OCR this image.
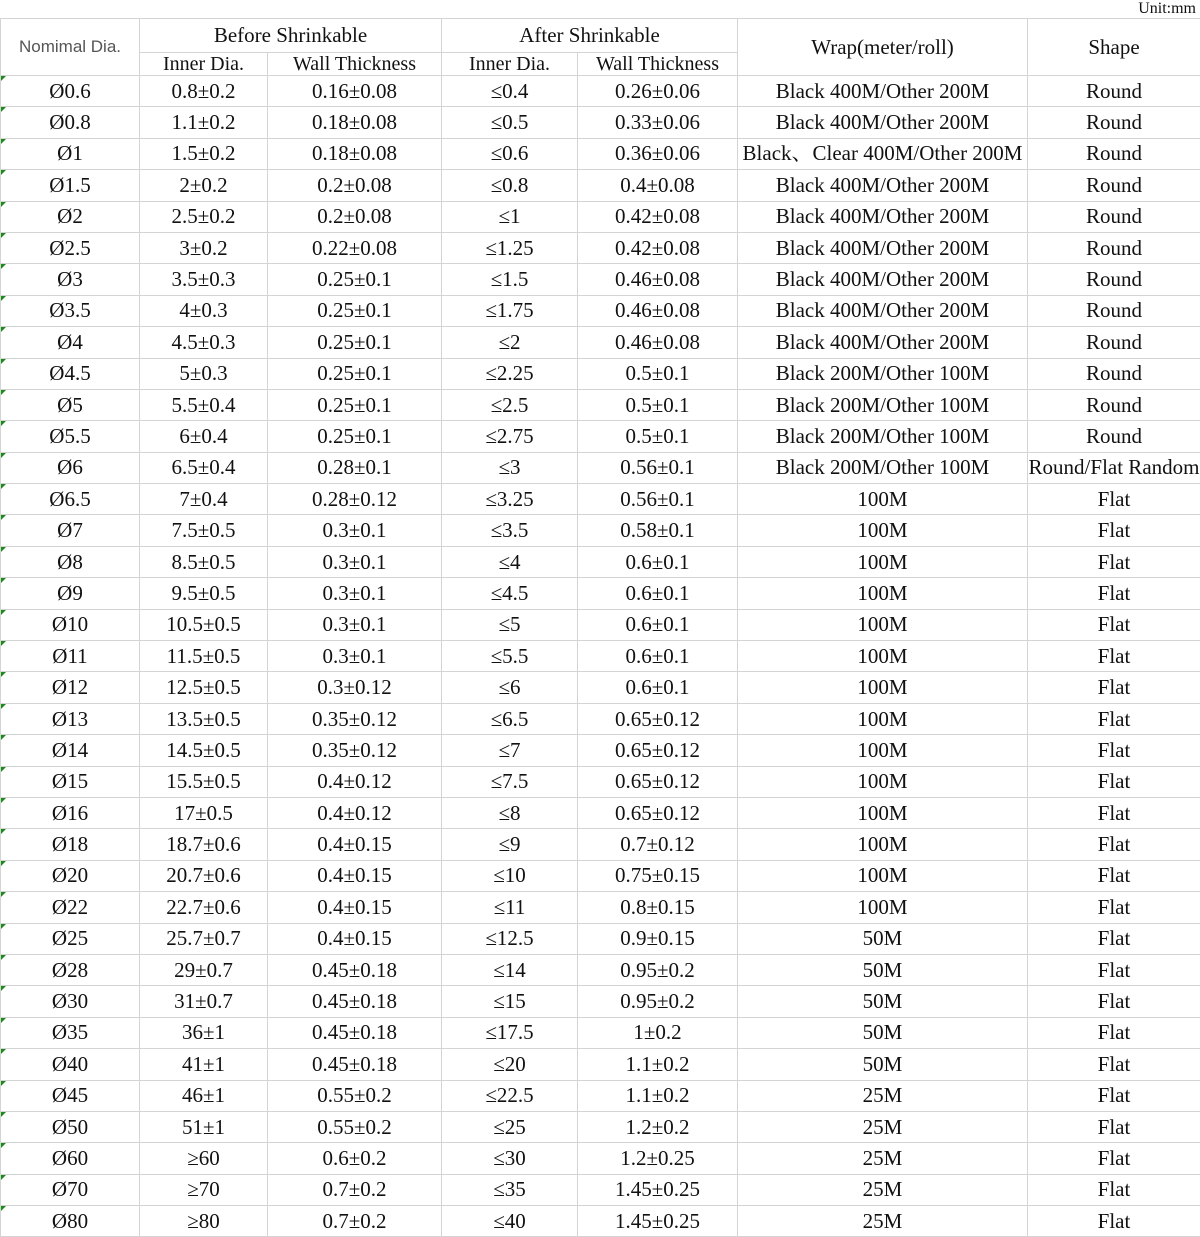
Unit:mm
Nomimal Dia.	Before Shrinkable		After Shrinkable		Wrap(meter/roll)	Shape
	Inner Dia.	Wall Thickness	Inner Dia.	Wall Thickness		

Ø0.6	0.8±0.2	0.16±0.08	≤0.4	0.26±0.06	Black 400M/Other 200M	Round

Ø0.8	1.1±0.2	0.18±0.08	≤0.5	0.33±0.06	Black 400M/Other 200M	Round

Ø1	1.5±0.2	0.18±0.08	≤0.6	0.36±0.06	Black、Clear 400M/Other 200M	Round

Ø1.5	2±0.2	0.2±0.08	≤0.8	0.4±0.08	Black 400M/Other 200M	Round

Ø2	2.5±0.2	0.2±0.08	≤1	0.42±0.08	Black 400M/Other 200M	Round

Ø2.5	3±0.2	0.22±0.08	≤1.25	0.42±0.08	Black 400M/Other 200M	Round

Ø3	3.5±0.3	0.25±0.1	≤1.5	0.46±0.08	Black 400M/Other 200M	Round

Ø3.5	4±0.3	0.25±0.1	≤1.75	0.46±0.08	Black 400M/Other 200M	Round

Ø4	4.5±0.3	0.25±0.1	≤2	0.46±0.08	Black 400M/Other 200M	Round

Ø4.5	5±0.3	0.25±0.1	≤2.25	0.5±0.1	Black 200M/Other 100M	Round

Ø5	5.5±0.4	0.25±0.1	≤2.5	0.5±0.1	Black 200M/Other 100M	Round

Ø5.5	6±0.4	0.25±0.1	≤2.75	0.5±0.1	Black 200M/Other 100M	Round

Ø6	6.5±0.4	0.28±0.1	≤3	0.56±0.1	Black 200M/Other 100M	Round/Flat Random

Ø6.5	7±0.4	0.28±0.12	≤3.25	0.56±0.1	100M	Flat

Ø7	7.5±0.5	0.3±0.1	≤3.5	0.58±0.1	100M	Flat

Ø8	8.5±0.5	0.3±0.1	≤4	0.6±0.1	100M	Flat

Ø9	9.5±0.5	0.3±0.1	≤4.5	0.6±0.1	100M	Flat

Ø10	10.5±0.5	0.3±0.1	≤5	0.6±0.1	100M	Flat

Ø11	11.5±0.5	0.3±0.1	≤5.5	0.6±0.1	100M	Flat

Ø12	12.5±0.5	0.3±0.12	≤6	0.6±0.1	100M	Flat

Ø13	13.5±0.5	0.35±0.12	≤6.5	0.65±0.12	100M	Flat

Ø14	14.5±0.5	0.35±0.12	≤7	0.65±0.12	100M	Flat

Ø15	15.5±0.5	0.4±0.12	≤7.5	0.65±0.12	100M	Flat

Ø16	17±0.5	0.4±0.12	≤8	0.65±0.12	100M	Flat

Ø18	18.7±0.6	0.4±0.15	≤9	0.7±0.12	100M	Flat

Ø20	20.7±0.6	0.4±0.15	≤10	0.75±0.15	100M	Flat

Ø22	22.7±0.6	0.4±0.15	≤11	0.8±0.15	100M	Flat

Ø25	25.7±0.7	0.4±0.15	≤12.5	0.9±0.15	50M	Flat

Ø28	29±0.7	0.45±0.18	≤14	0.95±0.2	50M	Flat

Ø30	31±0.7	0.45±0.18	≤15	0.95±0.2	50M	Flat

Ø35	36±1	0.45±0.18	≤17.5	1±0.2	50M	Flat

Ø40	41±1	0.45±0.18	≤20	1.1±0.2	50M	Flat

Ø45	46±1	0.55±0.2	≤22.5	1.1±0.2	25M	Flat

Ø50	51±1	0.55±0.2	≤25	1.2±0.2	25M	Flat

Ø60	≥60	0.6±0.2	≤30	1.2±0.25	25M	Flat

Ø70	≥70	0.7±0.2	≤35	1.45±0.25	25M	Flat

Ø80	≥80	0.7±0.2	≤40	1.45±0.25	25M	Flat
